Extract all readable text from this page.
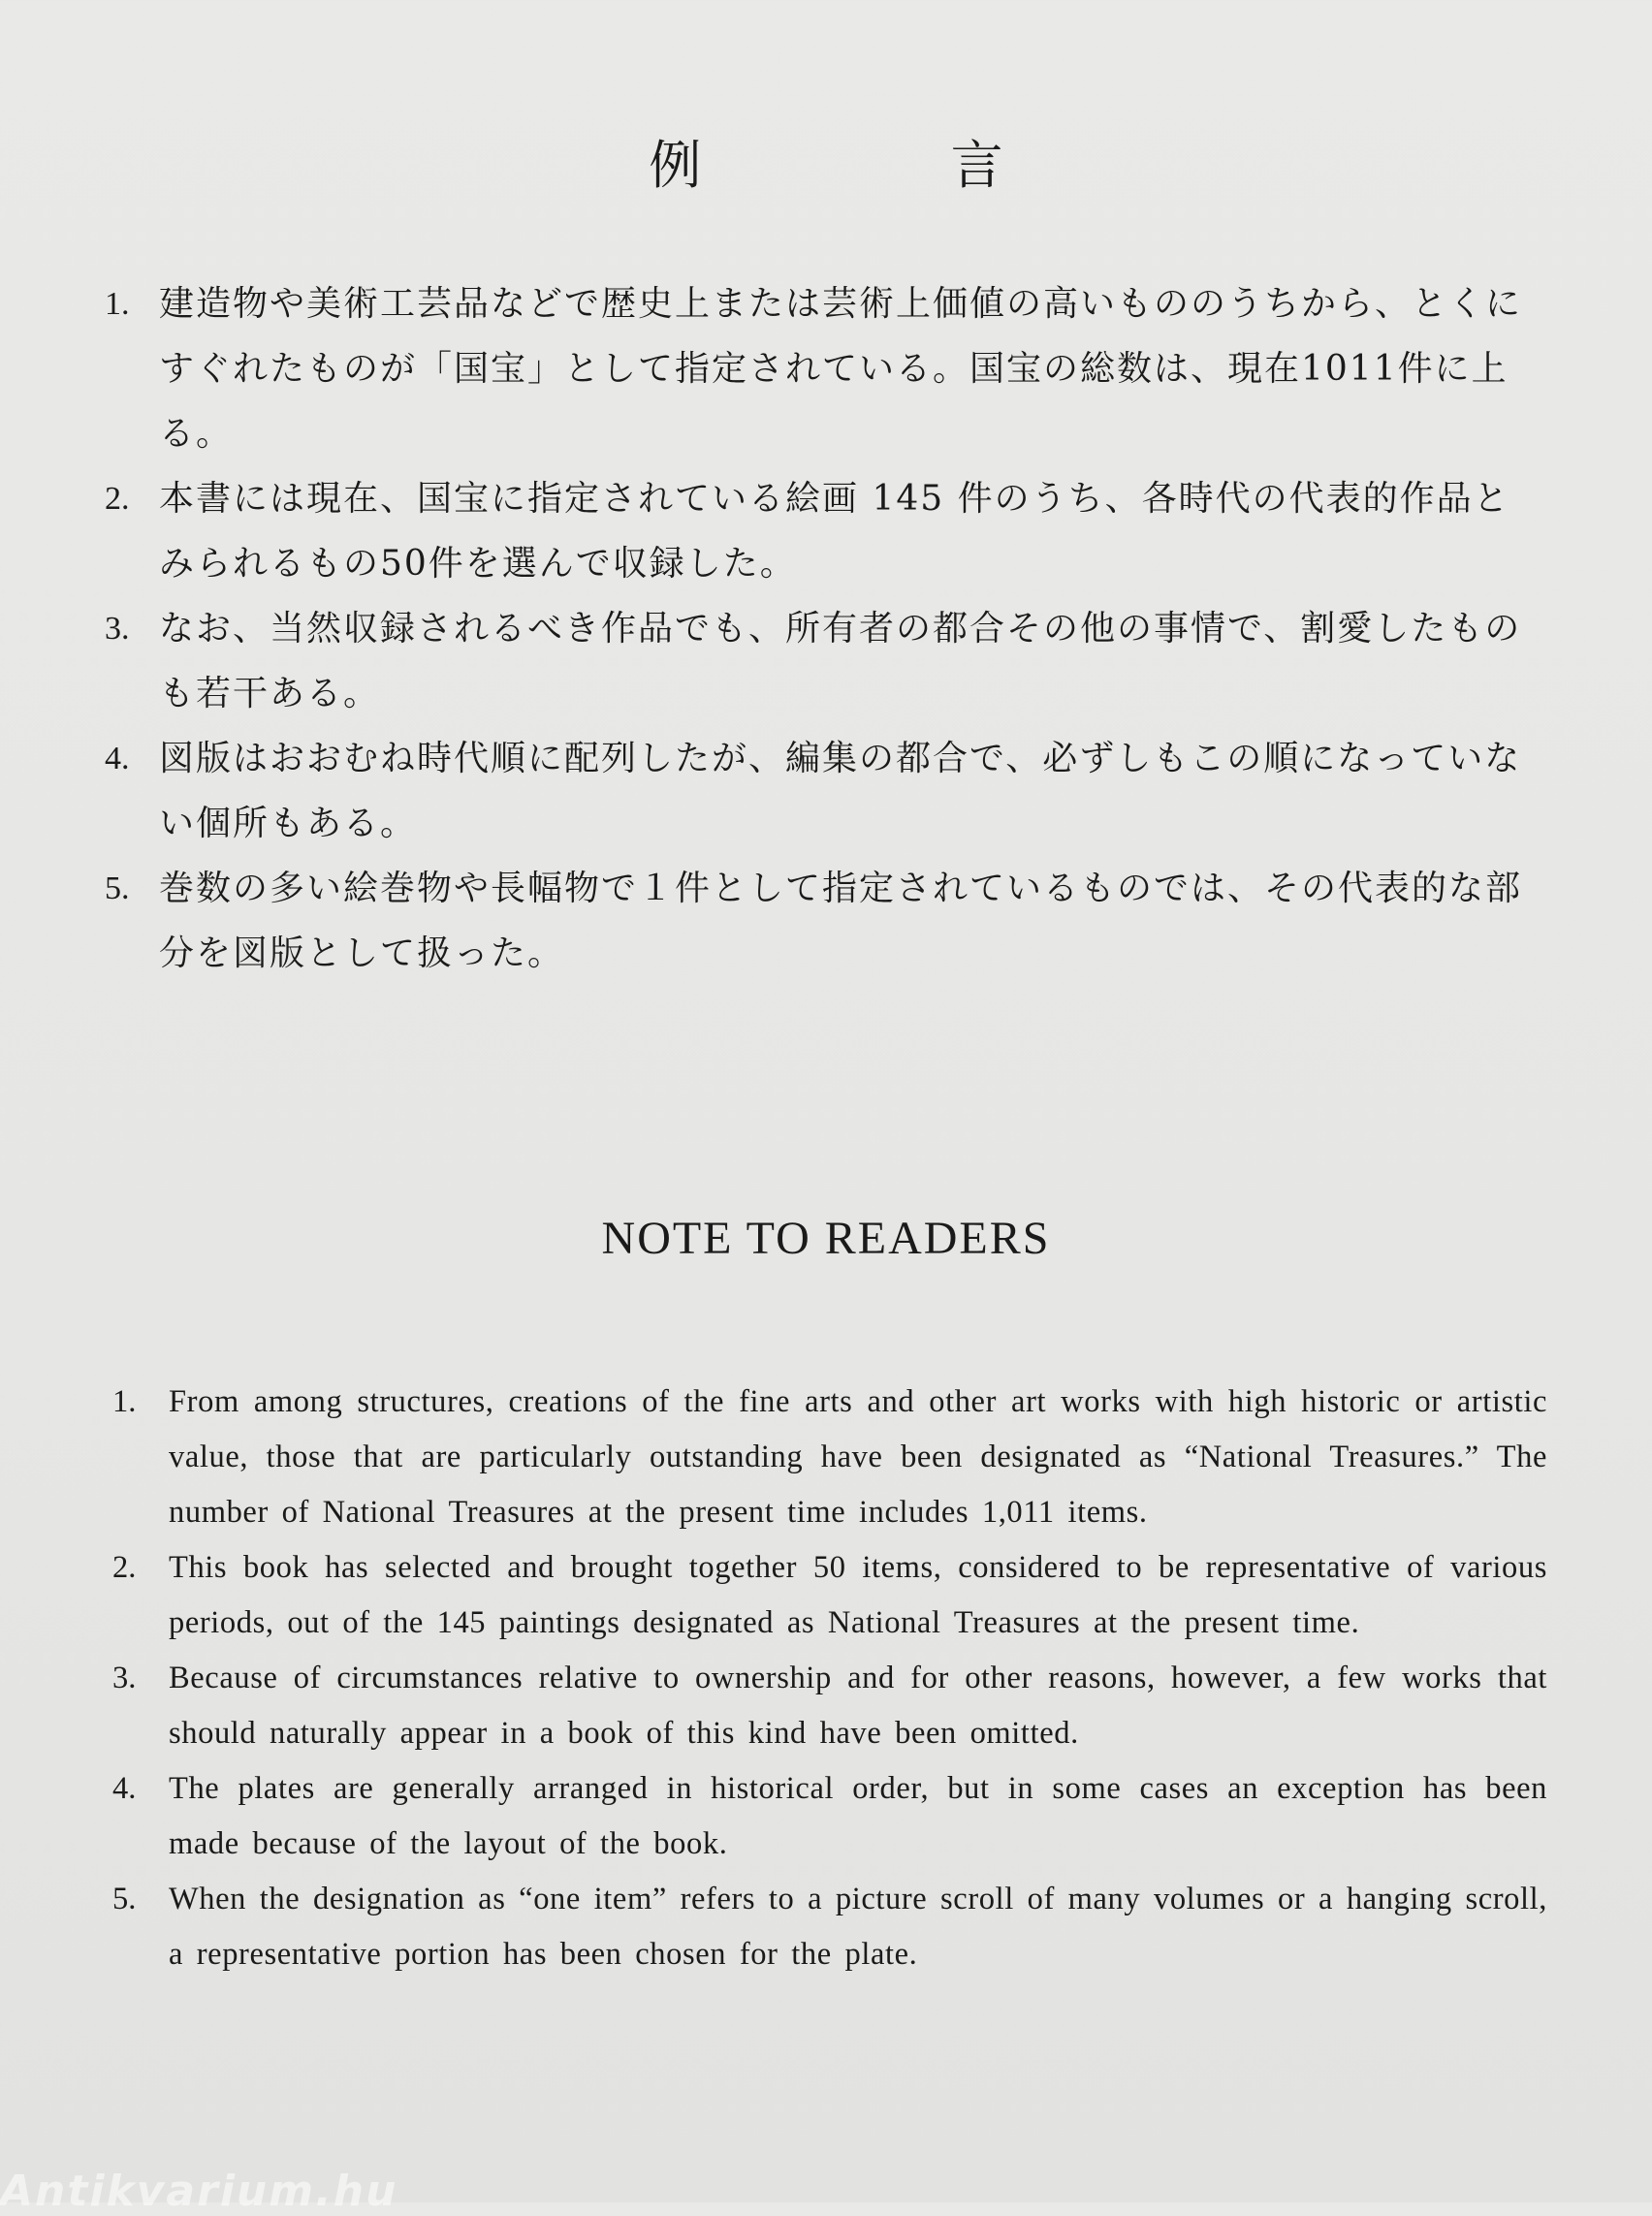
例 言
1. 建造物や美術工芸品などで歴史上または芸術上価値の高いもののうちから、とくにすぐれたものが「国宝」として指定されている。国宝の総数は、現在1011件に上る。
2. 本書には現在、国宝に指定されている絵画 145 件のうち、各時代の代表的作品とみられるもの50件を選んで収録した。
3. なお、当然収録されるべき作品でも、所有者の都合その他の事情で、割愛したものも若干ある。
4. 図版はおおむね時代順に配列したが、編集の都合で、必ずしもこの順になっていない個所もある。
5. 巻数の多い絵巻物や長幅物で１件として指定されているものでは、その代表的な部分を図版として扱った。
NOTE TO READERS
1.	From among structures, creations of the fine arts and other art works with high historic or artistic value, those that are particularly outstanding have been designated as “National Treasures.” The number of National Treasures at the present time includes 1,011 items.
2.	This book has selected and brought together 50 items, considered to be representative of various periods, out of the 145 paintings designated as National Treasures at the present time.
3.	Because of circumstances relative to ownership and for other reasons, however, a few works that should naturally appear in a book of this kind have been omitted.
4.	The plates are generally arranged in historical order, but in some cases an exception has been made because of the layout of the book.
5.	When the designation as “one item” refers to a picture scroll of many volumes or a hanging scroll, a representative portion has been chosen for the plate.
Antikvarium.hu
